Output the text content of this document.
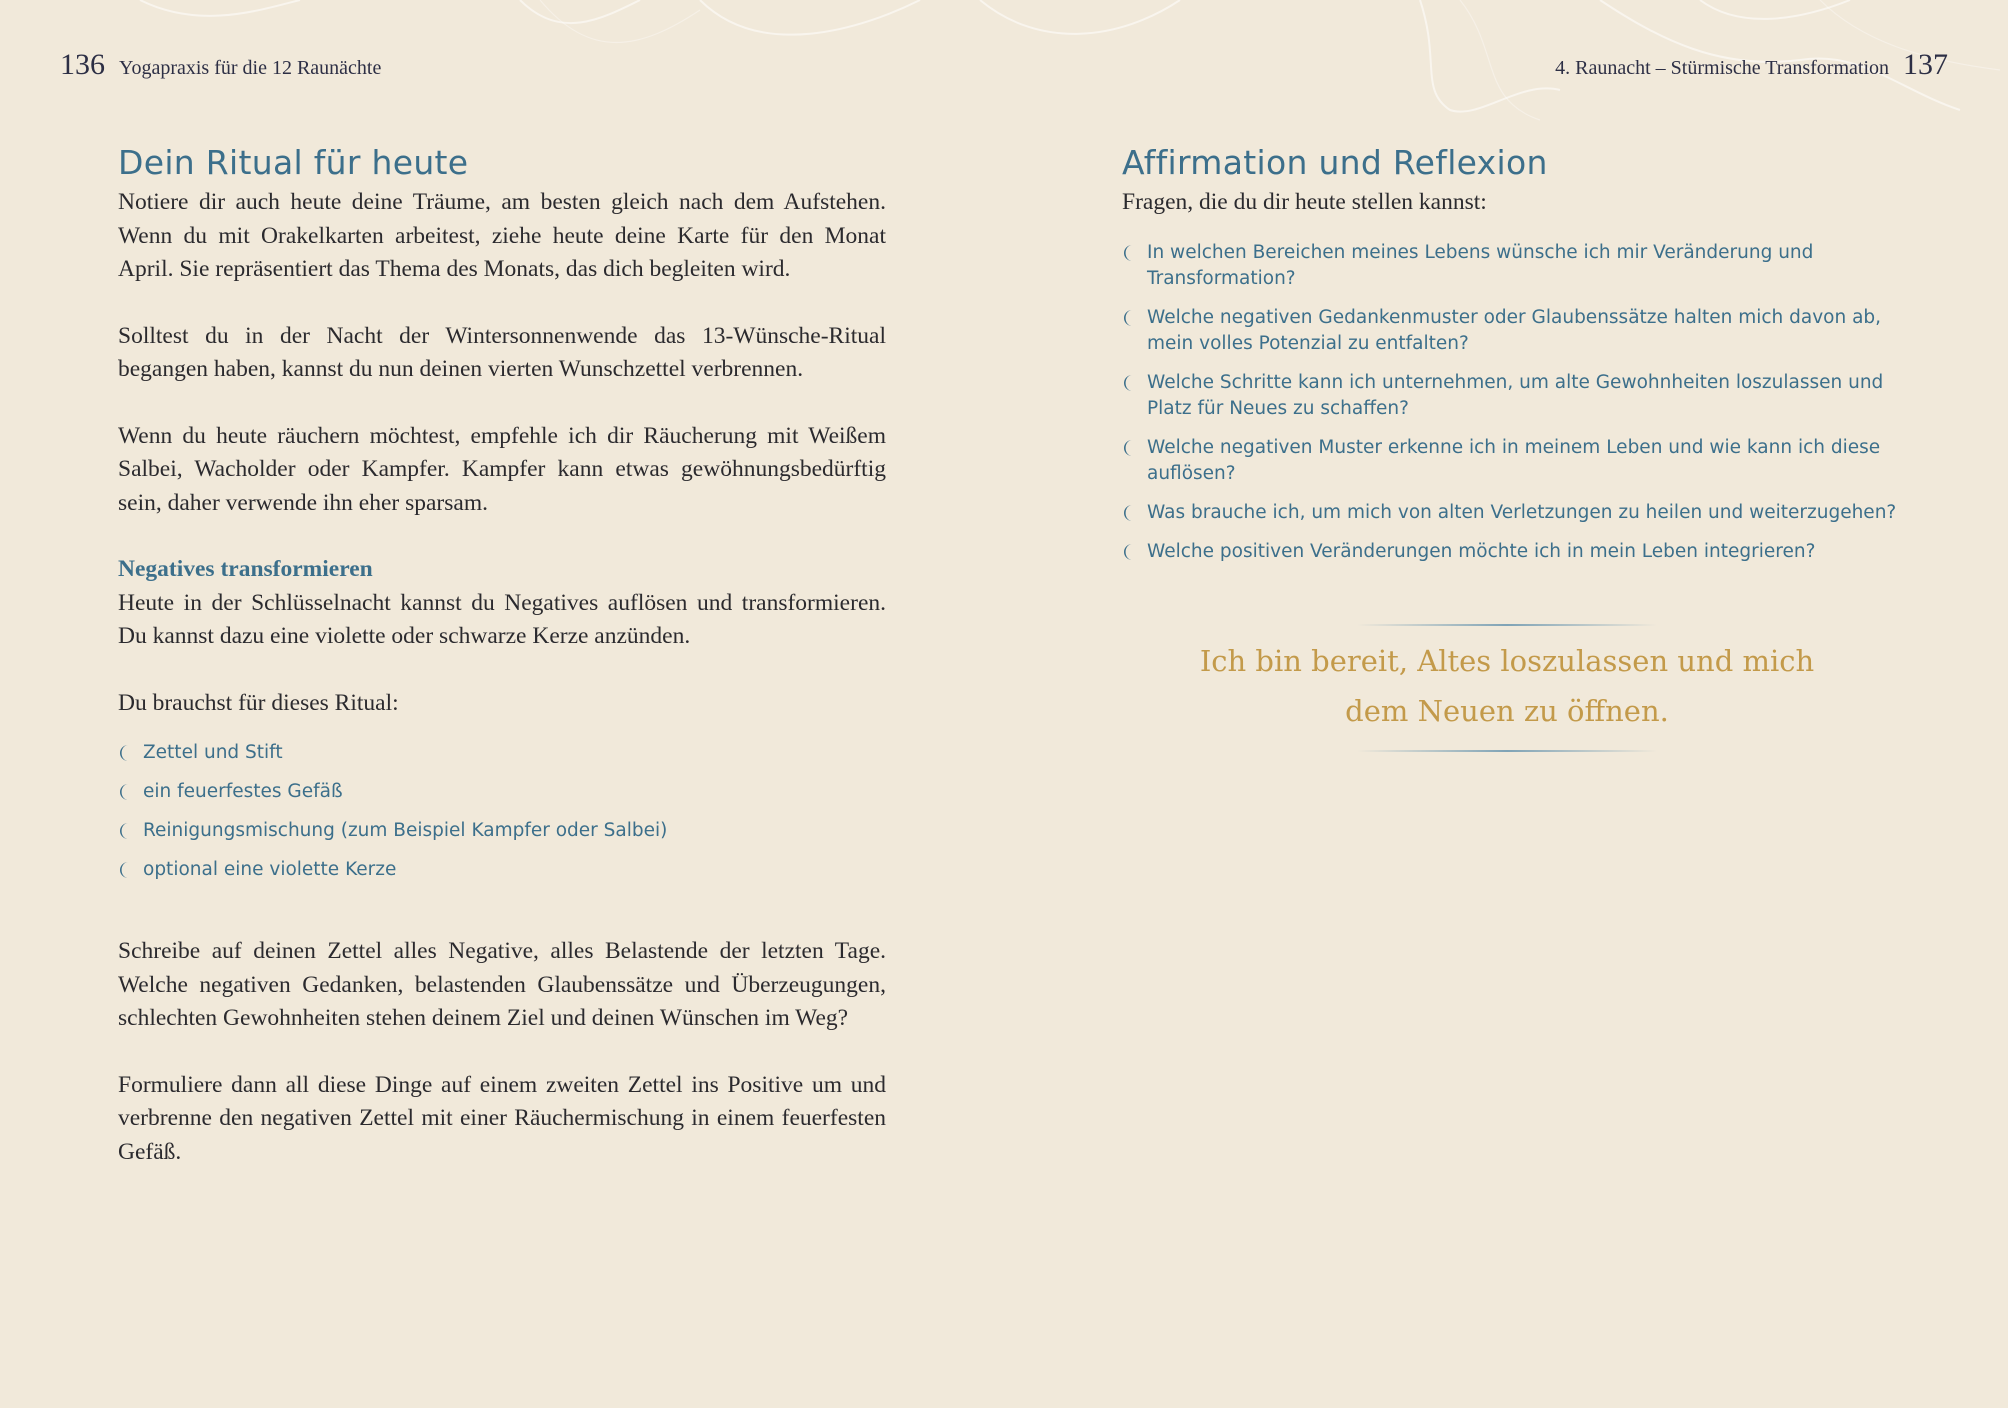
136 Yogapraxis für die 12 Raunächte
Dein Ritual für heute

Notiere dir auch heute deine Träume, am besten gleich nach dem Aufstehen. Wenn du mit Orakelkarten arbeitest, ziehe heute deine Karte für den Monat April. Sie repräsentiert das Thema des Monats, das dich begleiten wird.

Solltest du in der Nacht der Wintersonnenwende das 13-Wünsche-Ritual begangen haben, kannst du nun deinen vierten Wunschzettel verbrennen.

Wenn du heute räuchern möchtest, empfehle ich dir Räucherung mit Weißem Salbei, Wacholder oder Kampfer. Kampfer kann etwas gewöhnungsbedürftig sein, daher verwende ihn eher sparsam.

Negatives transformieren

Heute in der Schlüsselnacht kannst du Negatives auflösen und transformieren. Du kannst dazu eine violette oder schwarze Kerze anzünden.

Du brauchst für dieses Ritual:

Zettel und Stift
ein feuerfestes Gefäß
Reinigungsmischung (zum Beispiel Kampfer oder Salbei)
optional eine violette Kerze

Schreibe auf deinen Zettel alles Negative, alles Belastende der letzten Tage. Welche negativen Gedanken, belastenden Glaubenssätze und Überzeugungen, schlechten Gewohnheiten stehen deinem Ziel und deinen Wünschen im Weg?

Formuliere dann all diese Dinge auf einem zweiten Zettel ins Positive um und verbrenne den negativen Zettel mit einer Räuchermischung in einem feuerfesten Gefäß.

4. Raunacht – Stürmische Transformation 137
Affirmation und Reflexion

Fragen, die du dir heute stellen kannst:

In welchen Bereichen meines Lebens wünsche ich mir Veränderung und Transformation?
Welche negativen Gedankenmuster oder Glaubenssätze halten mich davon ab, mein volles Potenzial zu entfalten?
Welche Schritte kann ich unternehmen, um alte Gewohnheiten loszulassen und Platz für Neues zu schaffen?
Welche negativen Muster erkenne ich in meinem Leben und wie kann ich diese auflösen?
Was brauche ich, um mich von alten Verletzungen zu heilen und weiterzugehen?
Welche positiven Veränderungen möchte ich in mein Leben integrieren?
Ich bin bereit, Altes loszulassen und mich
dem Neuen zu öffnen.
